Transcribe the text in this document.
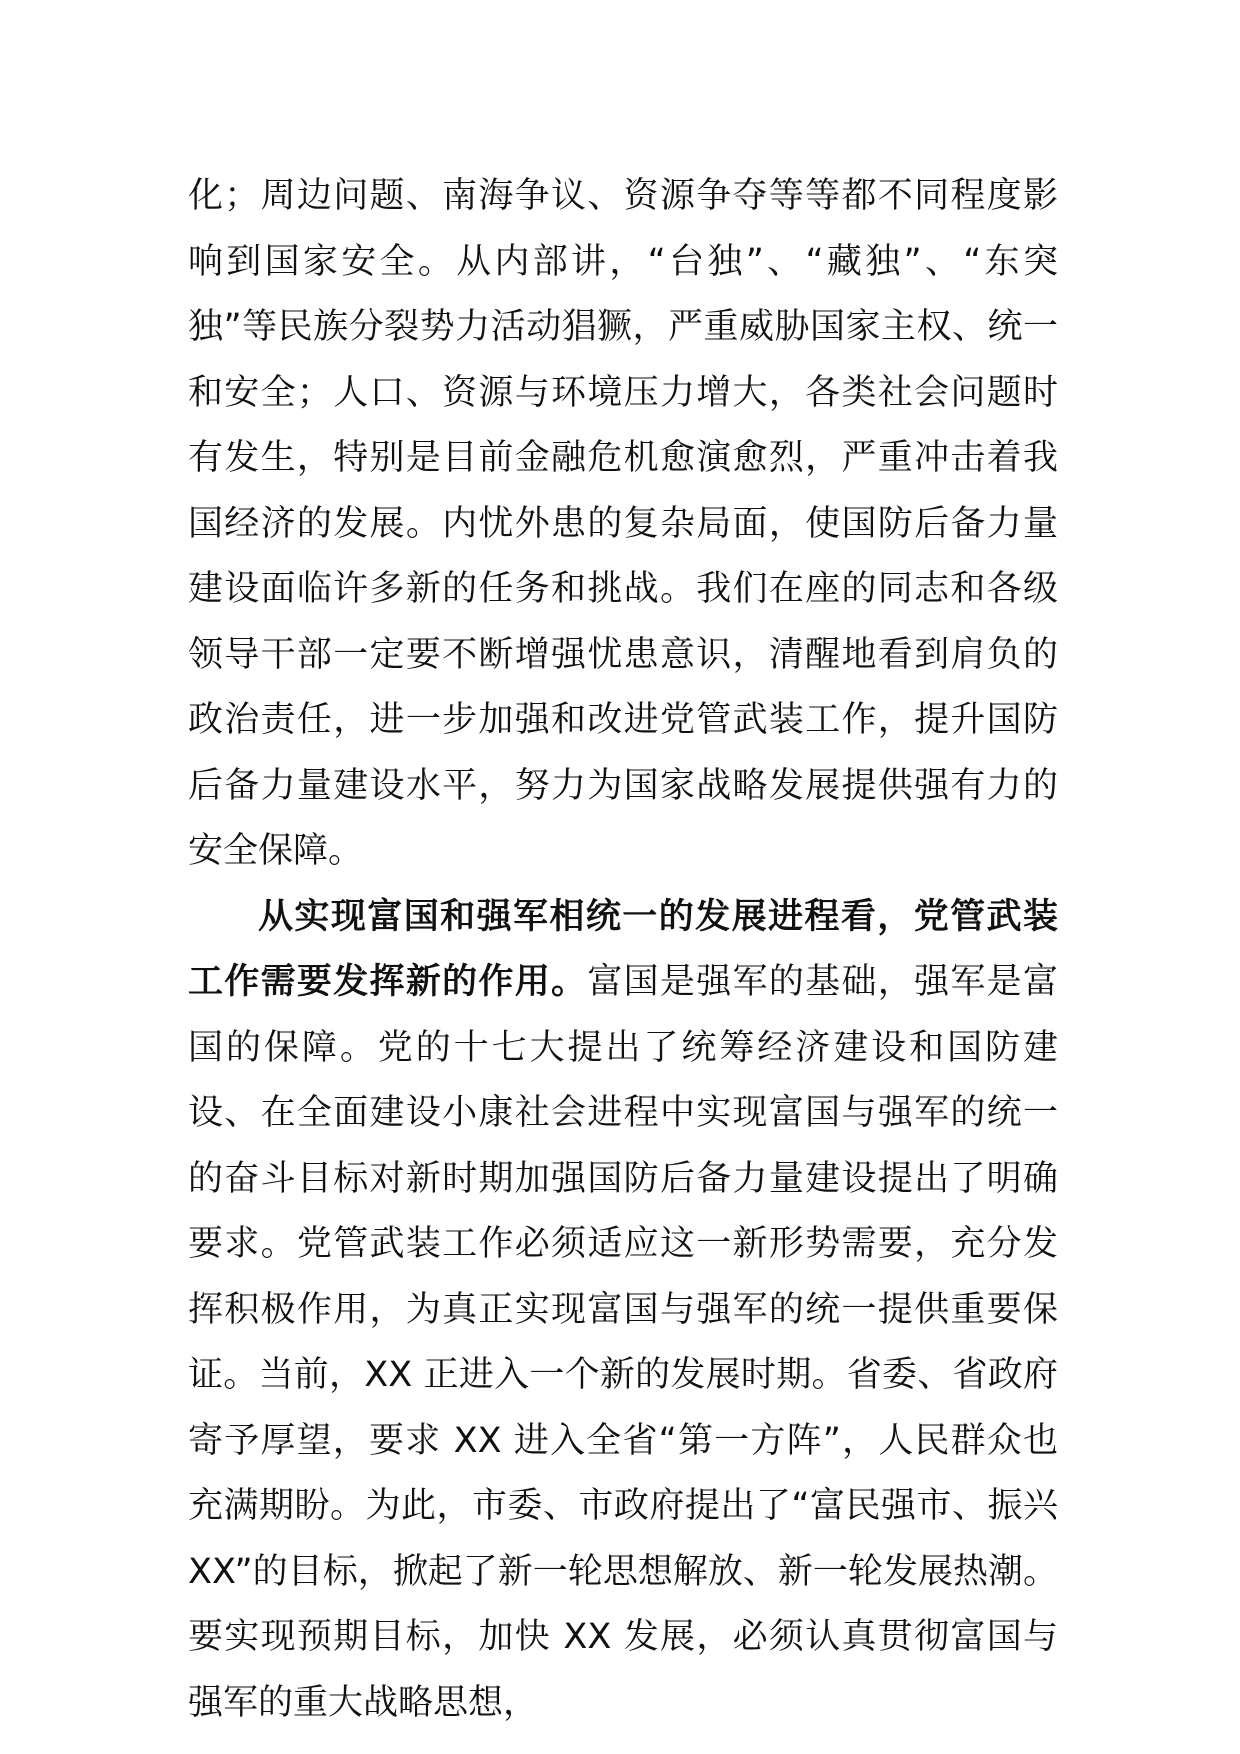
化；周边问题、南海争议、资源争夺等等都不同程度影响到国家安全。从内部讲，“台独”、“藏独”、“东突独”等民族分裂势力活动猖獗，严重威胁国家主权、统一和安全；人口、资源与环境压力增大，各类社会问题时有发生，特别是目前金融危机愈演愈烈，严重冲击着我国经济的发展。内忧外患的复杂局面，使国防后备力量建设面临许多新的任务和挑战。我们在座的同志和各级领导干部一定要不断增强忧患意识，清醒地看到肩负的政治责任，进一步加强和改进党管武装工作，提升国防后备力量建设水平，努力为国家战略发展提供强有力的安全保障。

从实现富国和强军相统一的发展进程看，党管武装工作需要发挥新的作用。富国是强军的基础，强军是富国的保障。党的十七大提出了统筹经济建设和国防建设、在全面建设小康社会进程中实现富国与强军的统一的奋斗目标对新时期加强国防后备力量建设提出了明确要求。党管武装工作必须适应这一新形势需要，充分发挥积极作用，为真正实现富国与强军的统一提供重要保证。当前，XX 正进入一个新的发展时期。省委、省政府寄予厚望，要求 XX 进入全省“第一方阵”，人民群众也充满期盼。为此，市委、市政府提出了“富民强市、振兴 XX”的目标，掀起了新一轮思想解放、新一轮发展热潮。要实现预期目标，加快 XX 发展，必须认真贯彻富国与强军的重大战略思想，
